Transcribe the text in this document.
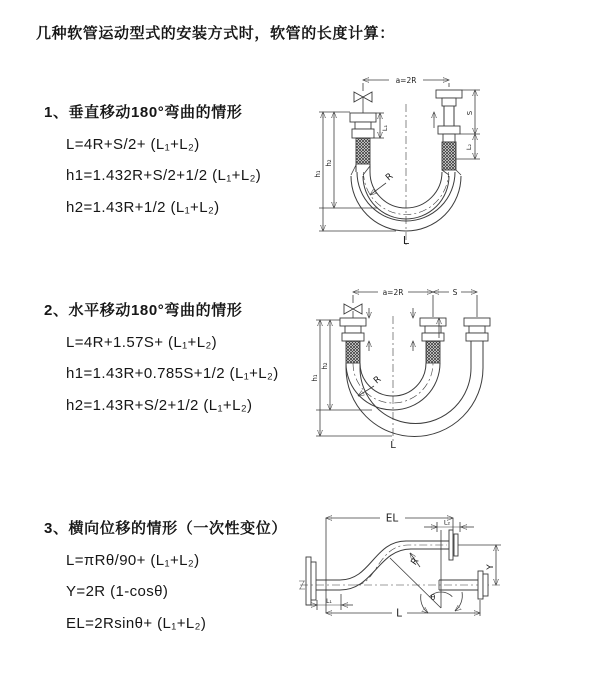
几种软管运动型式的安装方式时，软管的长度计算：
1、垂直移动180°弯曲的情形
L=4R+S/2+ (L₁+L₂)
h1=1.432R+S/2+1/2 (L₁+L₂)
h2=1.43R+1/2 (L₁+L₂)
2、水平移动180°弯曲的情形
L=4R+1.57S+ (L₁+L₂)
h1=1.43R+0.785S+1/2 (L₁+L₂)
h2=1.43R+S/2+1/2 (L₁+L₂)
3、横向位移的情形（一次性变位）
L=πRθ/90+ (L₁+L₂)
Y=2R (1-cosθ)
EL=2Rsinθ+ (L₁+L₂)
a=2R
h₁
h₂
L₁
S
L₂
R
L
a=2R	S
h₁
h₂
R
L
EL	L₂
R
θ
Y
L
L₁
